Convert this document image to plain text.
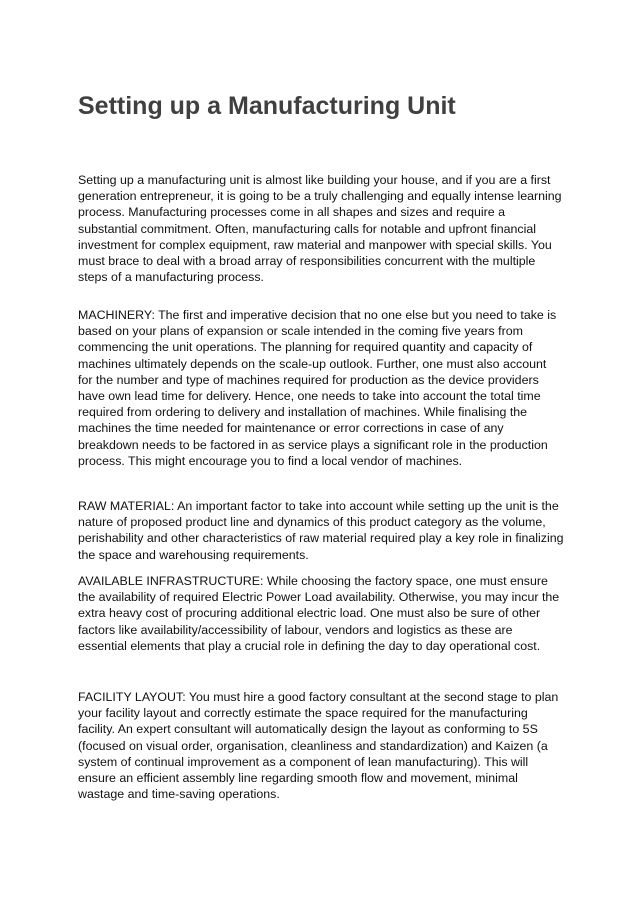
Setting up a Manufacturing Unit

Setting up a manufacturing unit is almost like building your house, and if you are a first generation entrepreneur, it is going to be a truly challenging and equally intense learning process. Manufacturing processes come in all shapes and sizes and require a substantial commitment. Often, manufacturing calls for notable and upfront financial investment for complex equipment, raw material and manpower with special skills. You must brace to deal with a broad array of responsibilities concurrent with the multiple steps of a manufacturing process.

MACHINERY: The first and imperative decision that no one else but you need to take is based on your plans of expansion or scale intended in the coming five years from commencing the unit operations. The planning for required quantity and capacity of machines ultimately depends on the scale-up outlook. Further, one must also account for the number and type of machines required for production as the device providers have own lead time for delivery. Hence, one needs to take into account the total time required from ordering to delivery and installation of machines. While finalising the machines the time needed for maintenance or error corrections in case of any breakdown needs to be factored in as service plays a significant role in the production process. This might encourage you to find a local vendor of machines.

RAW MATERIAL: An important factor to take into account while setting up the unit is the nature of proposed product line and dynamics of this product category as the volume, perishability and other characteristics of raw material required play a key role in finalizing the space and warehousing requirements.

AVAILABLE INFRASTRUCTURE: While choosing the factory space, one must ensure the availability of required Electric Power Load availability. Otherwise, you may incur the extra heavy cost of procuring additional electric load. One must also be sure of other factors like availability/accessibility of labour, vendors and logistics as these are essential elements that play a crucial role in defining the day to day operational cost.

FACILITY LAYOUT: You must hire a good factory consultant at the second stage to plan your facility layout and correctly estimate the space required for the manufacturing facility. An expert consultant will automatically design the layout as conforming to 5S (focused on visual order, organisation, cleanliness and standardization) and Kaizen (a system of continual improvement as a component of lean manufacturing). This will ensure an efficient assembly line regarding smooth flow and movement, minimal wastage and time-saving operations.
